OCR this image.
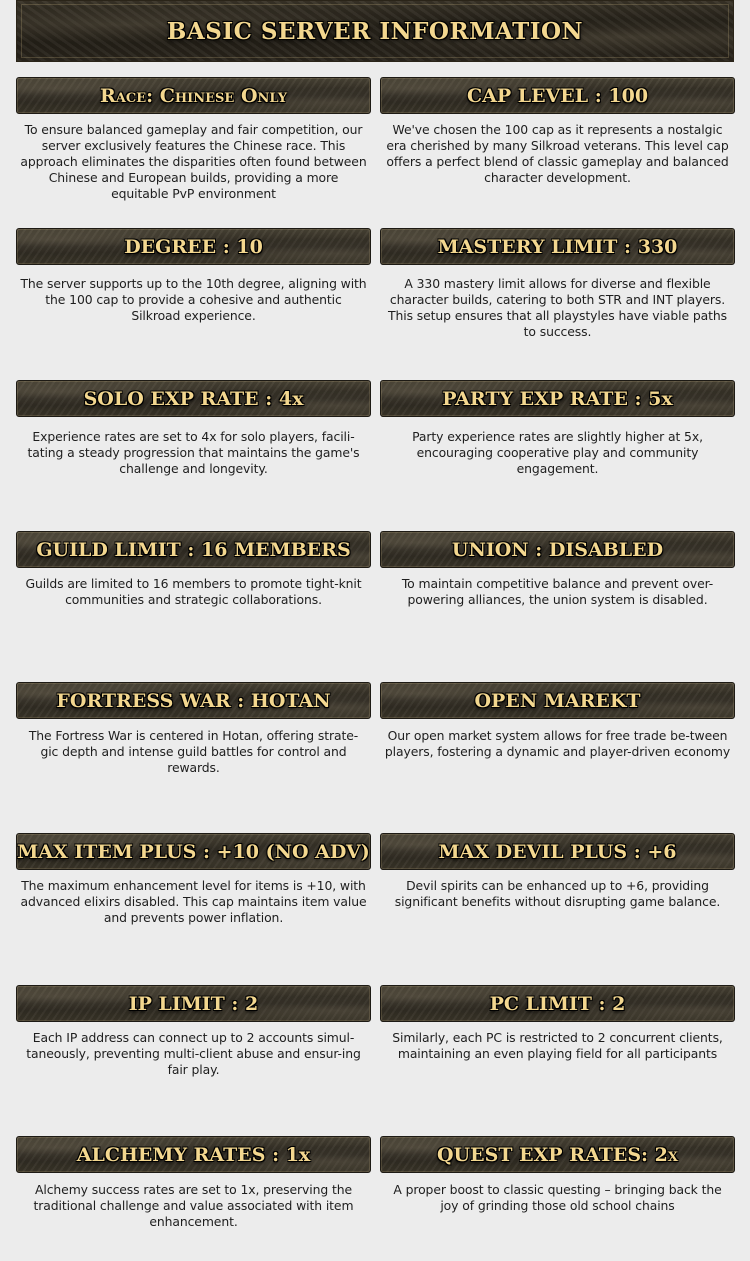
BASIC SERVER INFORMATION
Race: Chinese Only
To ensure balanced gameplay and fair competition, our server exclusively features the Chinese race. This approach eliminates the disparities often found between Chinese and European builds, providing a more equitable PvP environment
CAP LEVEL : 100
We've chosen the 100 cap as it represents a nostalgic era cherished by many Silkroad veterans. This level cap offers a perfect blend of classic gameplay and balanced character development.
DEGREE : 10
The server supports up to the 10th degree, aligning with the 100 cap to provide a cohesive and authentic Silkroad experience.
MASTERY LIMIT : 330
A 330 mastery limit allows for diverse and flexible character builds, catering to both STR and INT players. This setup ensures that all playstyles have viable paths to success.
SOLO EXP RATE : 4x
Experience rates are set to 4x for solo players, facili-tating a steady progression that maintains the game's challenge and longevity.
PARTY EXP RATE : 5x
Party experience rates are slightly higher at 5x, encouraging cooperative play and community engagement.
GUILD LIMIT : 16 MEMBERS
Guilds are limited to 16 members to promote tight-knit communities and strategic collaborations.
UNION : DISABLED
To maintain competitive balance and prevent over-powering alliances, the union system is disabled.
FORTRESS WAR : HOTAN
The Fortress War is centered in Hotan, offering strate-gic depth and intense guild battles for control and rewards.
OPEN MAREKT
Our open market system allows for free trade be-tween players, fostering a dynamic and player-driven economy
MAX ITEM PLUS : +10 (NO ADV)
The maximum enhancement level for items is +10, with advanced elixirs disabled. This cap maintains item value and prevents power inflation.
MAX DEVIL PLUS : +6
Devil spirits can be enhanced up to +6, providing significant benefits without disrupting game balance.
IP LIMIT : 2
Each IP address can connect up to 2 accounts simul-taneously, preventing multi-client abuse and ensur-ing fair play.
PC LIMIT : 2
Similarly, each PC is restricted to 2 concurrent clients, maintaining an even playing field for all participants
ALCHEMY RATES : 1x
Alchemy success rates are set to 1x, preserving the traditional challenge and value associated with item enhancement.
QUEST EXP RATES: 2x
A proper boost to classic questing – bringing back the joy of grinding those old school chains
